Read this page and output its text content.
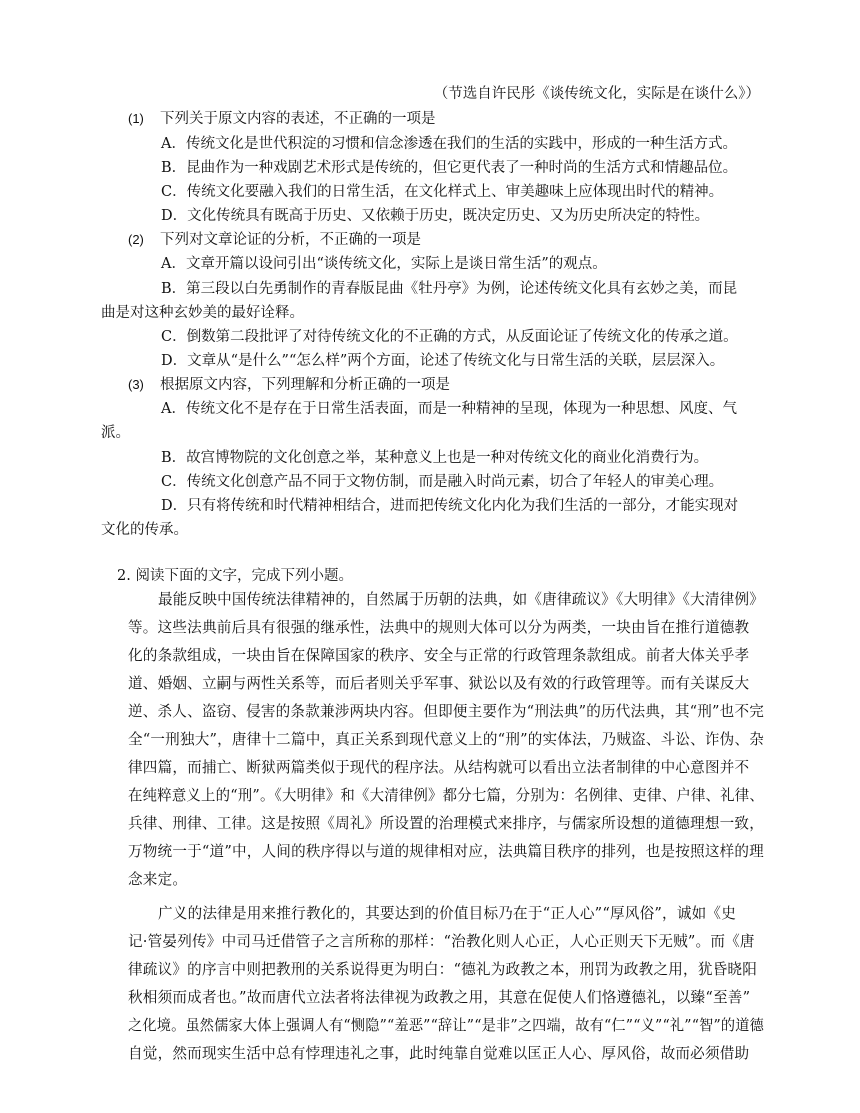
（节选自许民彤《谈传统文化，实际是在谈什么》）
(1) 下列关于原文内容的表述，不正确的一项是
A．传统文化是世代积淀的习惯和信念渗透在我们的生活的实践中，形成的一种生活方式。
B．昆曲作为一种戏剧艺术形式是传统的，但它更代表了一种时尚的生活方式和情趣品位。
C．传统文化要融入我们的日常生活，在文化样式上、审美趣味上应体现出时代的精神。
D．文化传统具有既高于历史、又依赖于历史，既决定历史、又为历史所决定的特性。
(2) 下列对文章论证的分析，不正确的一项是
A．文章开篇以设问引出“谈传统文化，实际上是谈日常生活”的观点。
B．第三段以白先勇制作的青春版昆曲《牡丹亭》为例，论述传统文化具有玄妙之美，而昆
曲是对这种玄妙美的最好诠释。
C．倒数第二段批评了对待传统文化的不正确的方式，从反面论证了传统文化的传承之道。
D．文章从“是什么”“怎么样”两个方面，论述了传统文化与日常生活的关联，层层深入。
(3) 根据原文内容，下列理解和分析正确的一项是
A．传统文化不是存在于日常生活表面，而是一种精神的呈现，体现为一种思想、风度、气
派。
B．故宫博物院的文化创意之举，某种意义上也是一种对传统文化的商业化消费行为。
C．传统文化创意产品不同于文物仿制，而是融入时尚元素，切合了年轻人的审美心理。
D．只有将传统和时代精神相结合，进而把传统文化内化为我们生活的一部分，才能实现对
文化的传承。
2. 阅读下面的文字，完成下列小题。
最能反映中国传统法律精神的，自然属于历朝的法典，如《唐律疏议》《大明律》《大清律例》
等。这些法典前后具有很强的继承性，法典中的规则大体可以分为两类，一块由旨在推行道德教
化的条款组成，一块由旨在保障国家的秩序、安全与正常的行政管理条款组成。前者大体关乎孝
道、婚姻、立嗣与两性关系等，而后者则关乎军事、狱讼以及有效的行政管理等。而有关谋反大
逆、杀人、盗窃、侵害的条款兼涉两块内容。但即便主要作为“刑法典”的历代法典，其“刑”也不完
全“一刑独大”，唐律十二篇中，真正关系到现代意义上的“刑”的实体法，乃贼盗、斗讼、诈伪、杂
律四篇，而捕亡、断狱两篇类似于现代的程序法。从结构就可以看出立法者制律的中心意图并不
在纯粹意义上的“刑”。《大明律》和《大清律例》都分七篇，分别为：名例律、吏律、户律、礼律、
兵律、刑律、工律。这是按照《周礼》所设置的治理模式来排序，与儒家所设想的道德理想一致，
万物统一于“道”中，人间的秩序得以与道的规律相对应，法典篇目秩序的排列，也是按照这样的理
念来定。
广义的法律是用来推行教化的，其要达到的价值目标乃在于“正人心”“厚风俗”，诚如《史
记·管晏列传》中司马迁借管子之言所称的那样：“治教化则人心正，人心正则天下无贼”。而《唐
律疏议》的序言中则把教刑的关系说得更为明白：“德礼为政教之本，刑罚为政教之用，犹昏晓阳
秋相须而成者也。”故而唐代立法者将法律视为政教之用，其意在促使人们恪遵德礼，以臻“至善”
之化境。虽然儒家大体上强调人有“恻隐”“羞恶”“辞让”“是非”之四端，故有“仁”“义”“礼”“智”的道德
自觉，然而现实生活中总有悖理违礼之事，此时纯靠自觉难以匡正人心、厚风俗，故而必须借助
